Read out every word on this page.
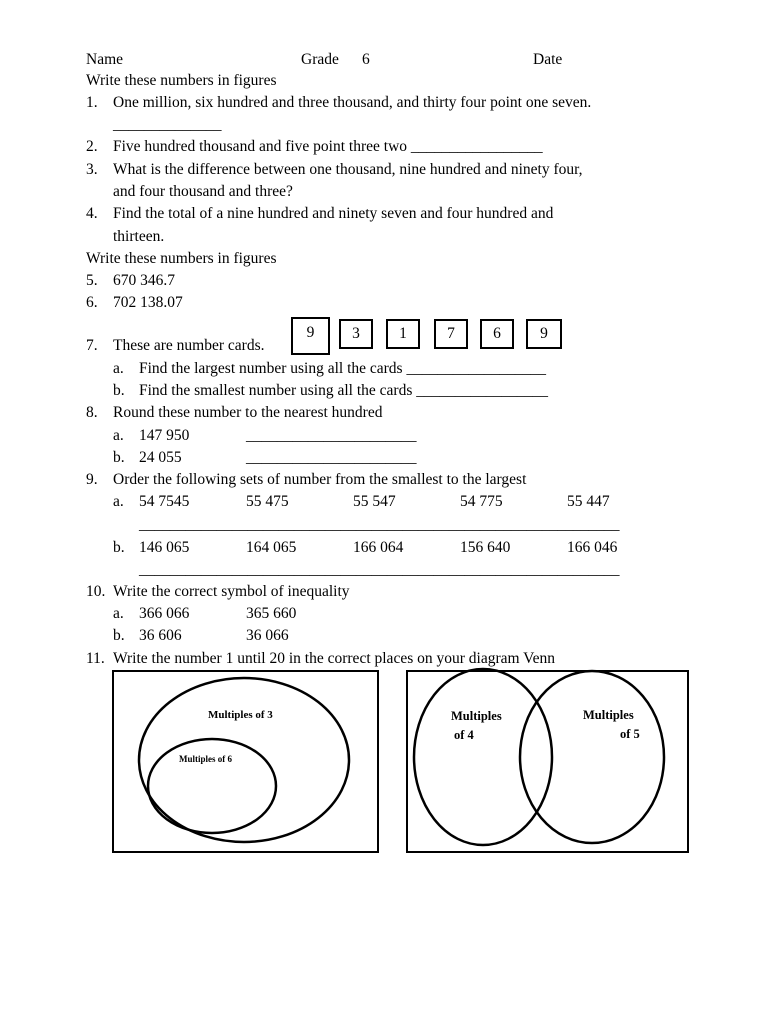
Name	Grade 6	Date
Write these numbers in figures
1. One million, six hundred and three thousand, and thirty four point one seven.
______________
2. Five hundred thousand and five point three two _________________
3. What is the difference between one thousand, nine hundred and ninety four,
and four thousand and three?
4. Find the total of a nine hundred and ninety seven and four hundred and
thirteen.
Write these numbers in figures
5. 670 346.7
6. 702 138.07
7. These are number cards.
9	3	1	7	6	9
a. Find the largest number using all the cards __________________
b. Find the smallest number using all the cards _________________
8. Round these number to the nearest hundred
a. 147 950	______________________
b. 24 055	______________________
9. Order the following sets of number from the smallest to the largest
a. 54 7545	55 475	55 547	54 775	55 447
______________________________________________________________
b. 146 065	164 065	166 064	156 640	166 046
______________________________________________________________
10. Write the correct symbol of inequality
a. 366 066	365 660
b. 36 606	36 066
11. Write the number 1 until 20 in the correct places on your diagram Venn
Multiples of 3
Multiples of 6
Multiples
of 4
Multiples
of 5
